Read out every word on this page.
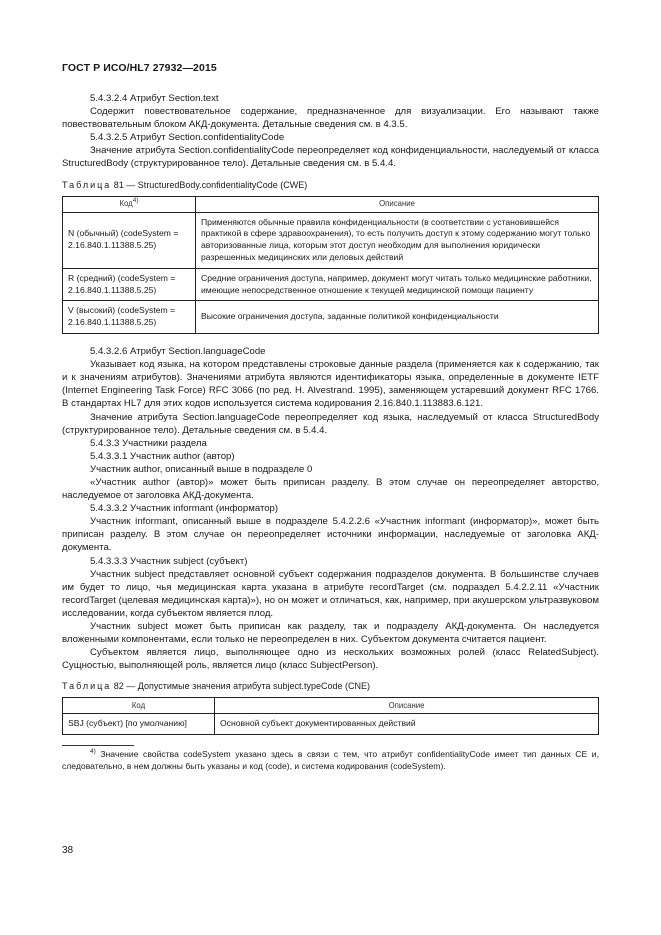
ГОСТ Р ИСО/HL7 27932—2015

5.4.3.2.4 Атрибут Section.text

Содержит повествовательное содержание, предназначенное для визуализации. Его называют также повествовательным блоком АКД-документа. Детальные сведения см. в 4.3.5.

5.4.3.2.5 Атрибут Section.confidentialityCode

Значение атрибута Section.confidentialityCode переопределяет код конфиденциальности, наследуемый от класса StructuredBody (структурированное тело). Детальные сведения см. в 5.4.4.

Таблица 81 — StructuredBody.confidentialityCode (CWE)

Код$^{4)}$	Описание
N (обычный) (codeSystem = 2.16.840.1.11388.5.25)	Применяются обычные правила конфиденциальности (в соответствии с установившейся практикой в сфере здравоохранения), то есть получить доступ к этому содержанию могут только авторизованные лица, которым этот доступ необходим для выполнения юридически разрешенных медицинских или деловых действий
R (средний) (codeSystem = 2.16.840.1.11388.5.25)	Средние ограничения доступа, например, документ могут читать только медицинские работники, имеющие непосредственное отношение к текущей медицинской помощи пациенту
V (высокий) (codeSystem = 2.16.840.1.11388.5.25)	Высокие ограничения доступа, заданные политикой конфиденциальности

5.4.3.2.6 Атрибут Section.languageCode

Указывает код языка, на котором представлены строковые данные раздела (применяется как к содержанию, так и к значениям атрибутов). Значениями атрибута являются идентификаторы языка, определенные в документе IETF (Internet Engineering Task Force) RFC 3066 (по ред. H. Alvestrand. 1995), заменяющем устаревший документ RFC 1766. В стандартах HL7 для этих кодов используется система кодирования 2.16.840.1.113883.6.121.

Значение атрибута Section.languageCode переопределяет код языка, наследуемый от класса StructuredBody (структурированное тело). Детальные сведения см. в 5.4.4.

5.4.3.3 Участники раздела

5.4.3.3.1 Участник author (автор)

Участник author, описанный выше в подразделе 0

«Участник author (автор)» может быть приписан разделу. В этом случае он переопределяет авторство, наследуемое от заголовка АКД-документа.

5.4.3.3.2 Участник informant (информатор)

Участник informant, описанный выше в подразделе 5.4.2.2.6 «Участник informant (информатор)», может быть приписан разделу. В этом случае он переопределяет источники информации, наследуемые от заголовка АКД-документа.

5.4.3.3.3 Участник subject (субъект)

Участник subject представляет основной субъект содержания подразделов документа. В большинстве случаев им будет то лицо, чья медицинская карта указана в атрибуте recordTarget (см. подраздел 5.4.2.2.11 «Участник recordTarget (целевая медицинская карта)»), но он может и отличаться, как, например, при акушерском ультразвуковом исследовании, когда субъектом является плод.

Участник subject может быть приписан как разделу, так и подразделу АКД-документа. Он наследуется вложенными компонентами, если только не переопределен в них. Субъектом документа считается пациент.

Субъектом является лицо, выполняющее одно из нескольких возможных ролей (класс RelatedSubject). Сущностью, выполняющей роль, является лицо (класс SubjectPerson).

Таблица 82 — Допустимые значения атрибута subject.typeCode (CNE)

Код	Описание
SBJ (субъект) [по умолчанию]	Основной субъект документированных действий

$^{4)}$ Значение свойства codeSystem указано здесь в связи с тем, что атрибут confidentialityCode имеет тип данных CE и, следовательно, в нем должны быть указаны и код (code), и система кодирования (codeSystem).

38
